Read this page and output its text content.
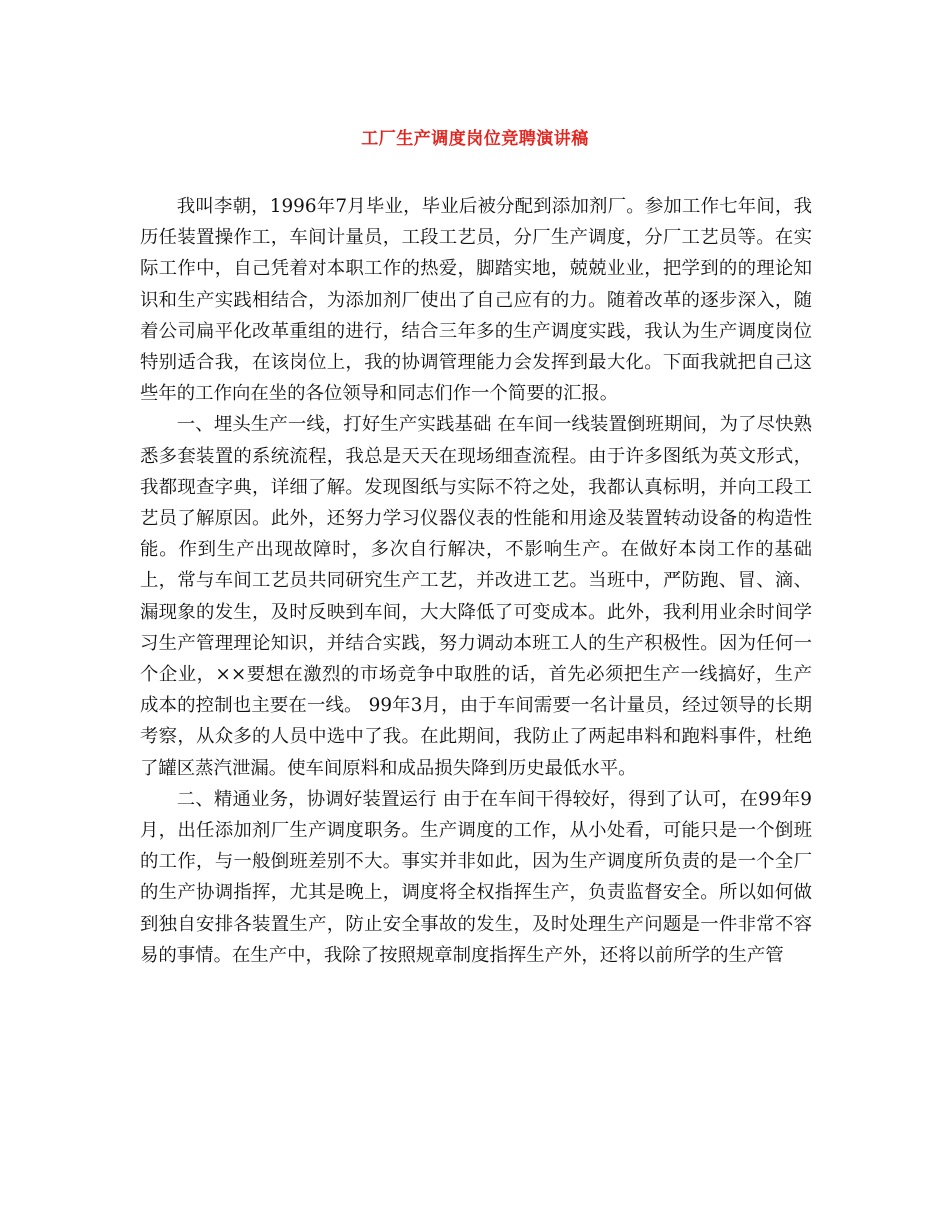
工厂生产调度岗位竞聘演讲稿

我叫李朝，1996年7月毕业，毕业后被分配到添加剂厂。参加工作七年间，我历任装置操作工，车间计量员，工段工艺员，分厂生产调度，分厂工艺员等。在实际工作中，自己凭着对本职工作的热爱，脚踏实地，兢兢业业，把学到的的理论知识和生产实践相结合，为添加剂厂使出了自己应有的力。随着改革的逐步深入，随着公司扁平化改革重组的进行，结合三年多的生产调度实践，我认为生产调度岗位特别适合我，在该岗位上，我的协调管理能力会发挥到最大化。下面我就把自己这些年的工作向在坐的各位领导和同志们作一个简要的汇报。

一、埋头生产一线，打好生产实践基础 在车间一线装置倒班期间，为了尽快熟悉多套装置的系统流程，我总是天天在现场细查流程。由于许多图纸为英文形式，我都现查字典，详细了解。发现图纸与实际不符之处，我都认真标明，并向工段工艺员了解原因。此外，还努力学习仪器仪表的性能和用途及装置转动设备的构造性能。作到生产出现故障时，多次自行解决，不影响生产。在做好本岗工作的基础上，常与车间工艺员共同研究生产工艺，并改进工艺。当班中，严防跑、冒、滴、漏现象的发生，及时反映到车间，大大降低了可变成本。此外，我利用业余时间学习生产管理理论知识，并结合实践，努力调动本班工人的生产积极性。因为任何一个企业，××要想在激烈的市场竞争中取胜的话，首先必须把生产一线搞好，生产成本的控制也主要在一线。 99年3月，由于车间需要一名计量员，经过领导的长期考察，从众多的人员中选中了我。在此期间，我防止了两起串料和跑料事件，杜绝了罐区蒸汽泄漏。使车间原料和成品损失降到历史最低水平。

二、精通业务，协调好装置运行 由于在车间干得较好，得到了认可，在99年9月，出任添加剂厂生产调度职务。生产调度的工作，从小处看，可能只是一个倒班的工作，与一般倒班差别不大。事实并非如此，因为生产调度所负责的是一个全厂的生产协调指挥，尤其是晚上，调度将全权指挥生产，负责监督安全。所以如何做到独自安排各装置生产，防止安全事故的发生，及时处理生产问题是一件非常不容易的事情。在生产中，我除了按照规章制度指挥生产外，还将以前所学的生产管
